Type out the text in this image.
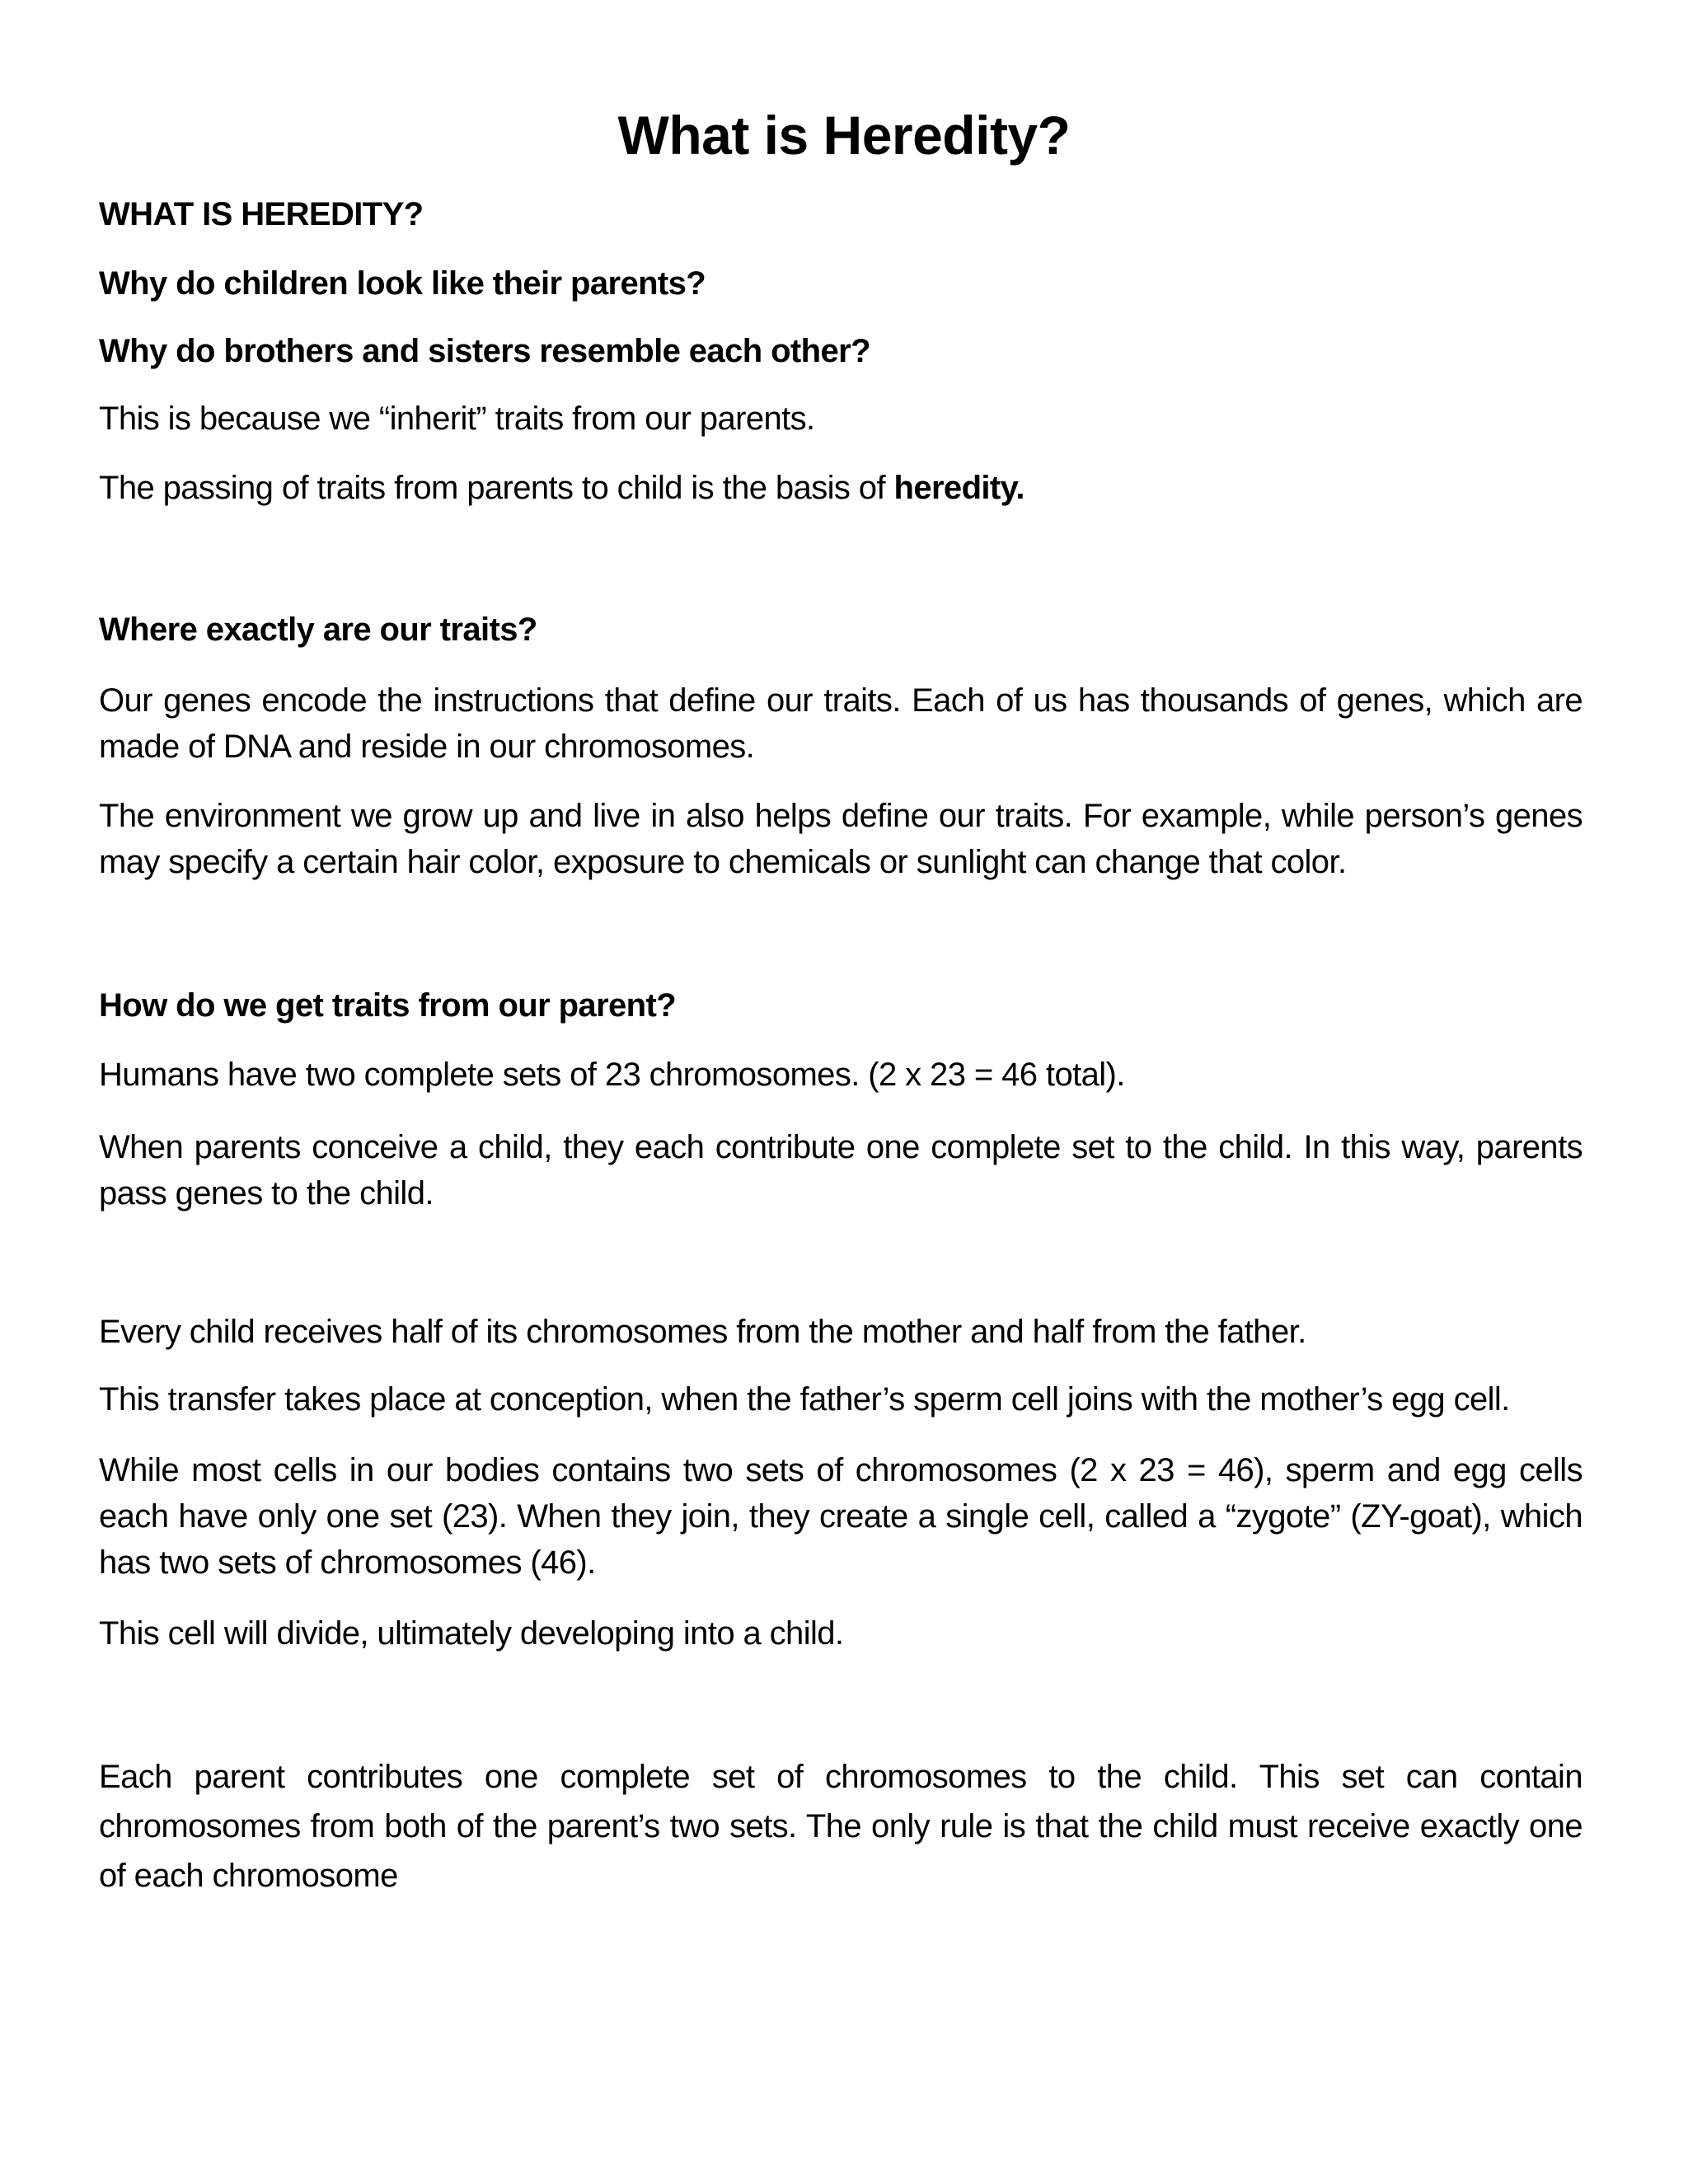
What is Heredity?

WHAT IS HEREDITY?

Why do children look like their parents?

Why do brothers and sisters resemble each other?

This is because we “inherit” traits from our parents.

The passing of traits from parents to child is the basis of heredity.

Where exactly are our traits?

Our genes encode the instructions that define our traits. Each of us has thousands of genes, which are made of DNA and reside in our chromosomes.

The environment we grow up and live in also helps define our traits. For example, while person’s genes may specify a certain hair color, exposure to chemicals or sunlight can change that color.

How do we get traits from our parent?

Humans have two complete sets of 23 chromosomes. (2 x 23 = 46 total).

When parents conceive a child, they each contribute one complete set to the child. In this way, parents pass genes to the child.

Every child receives half of its chromosomes from the mother and half from the father.

This transfer takes place at conception, when the father’s sperm cell joins with the mother’s egg cell.

While most cells in our bodies contains two sets of chromosomes (2 x 23 = 46), sperm and egg cells each have only one set (23). When they join, they create a single cell, called a “zygote” (ZY-goat), which has two sets of chromosomes (46).

This cell will divide, ultimately developing into a child.

Each parent contributes one complete set of chromosomes to the child. This set can contain chromosomes from both of the parent’s two sets. The only rule is that the child must receive exactly one of each chromosome
